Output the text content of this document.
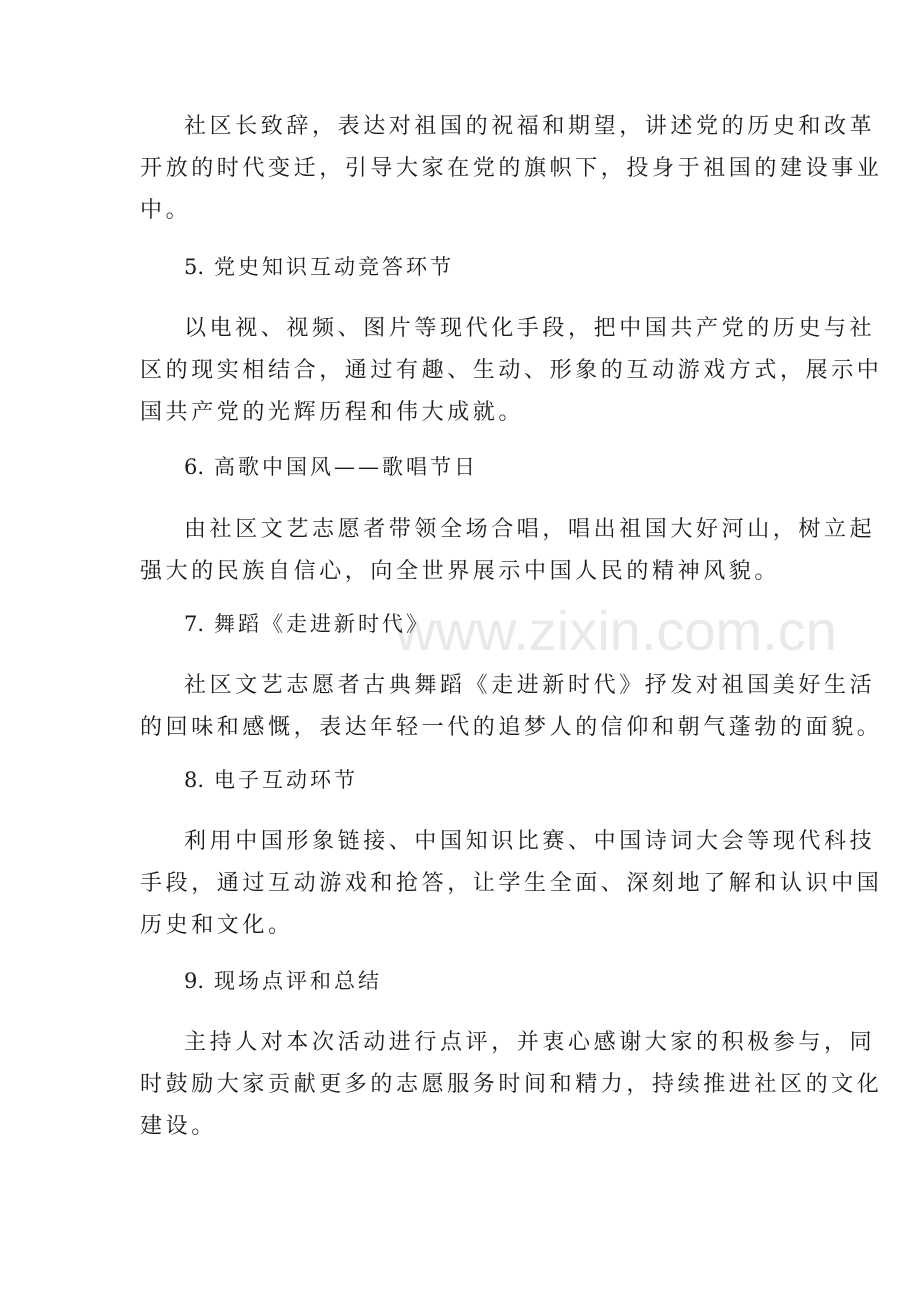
www.zixin.com.cn

社区长致辞，表达对祖国的祝福和期望，讲述党的历史和改革
开放的时代变迁，引导大家在党的旗帜下，投身于祖国的建设事业
中。

5. 党史知识互动竞答环节

以电视、视频、图片等现代化手段，把中国共产党的历史与社
区的现实相结合，通过有趣、生动、形象的互动游戏方式，展示中
国共产党的光辉历程和伟大成就。

6. 高歌中国风——歌唱节日

由社区文艺志愿者带领全场合唱，唱出祖国大好河山，树立起
强大的民族自信心，向全世界展示中国人民的精神风貌。

7. 舞蹈《走进新时代》

社区文艺志愿者古典舞蹈《走进新时代》抒发对祖国美好生活
的回味和感慨，表达年轻一代的追梦人的信仰和朝气蓬勃的面貌。

8. 电子互动环节

利用中国形象链接、中国知识比赛、中国诗词大会等现代科技
手段，通过互动游戏和抢答，让学生全面、深刻地了解和认识中国
历史和文化。

9. 现场点评和总结

主持人对本次活动进行点评，并衷心感谢大家的积极参与，同
时鼓励大家贡献更多的志愿服务时间和精力，持续推进社区的文化
建设。
